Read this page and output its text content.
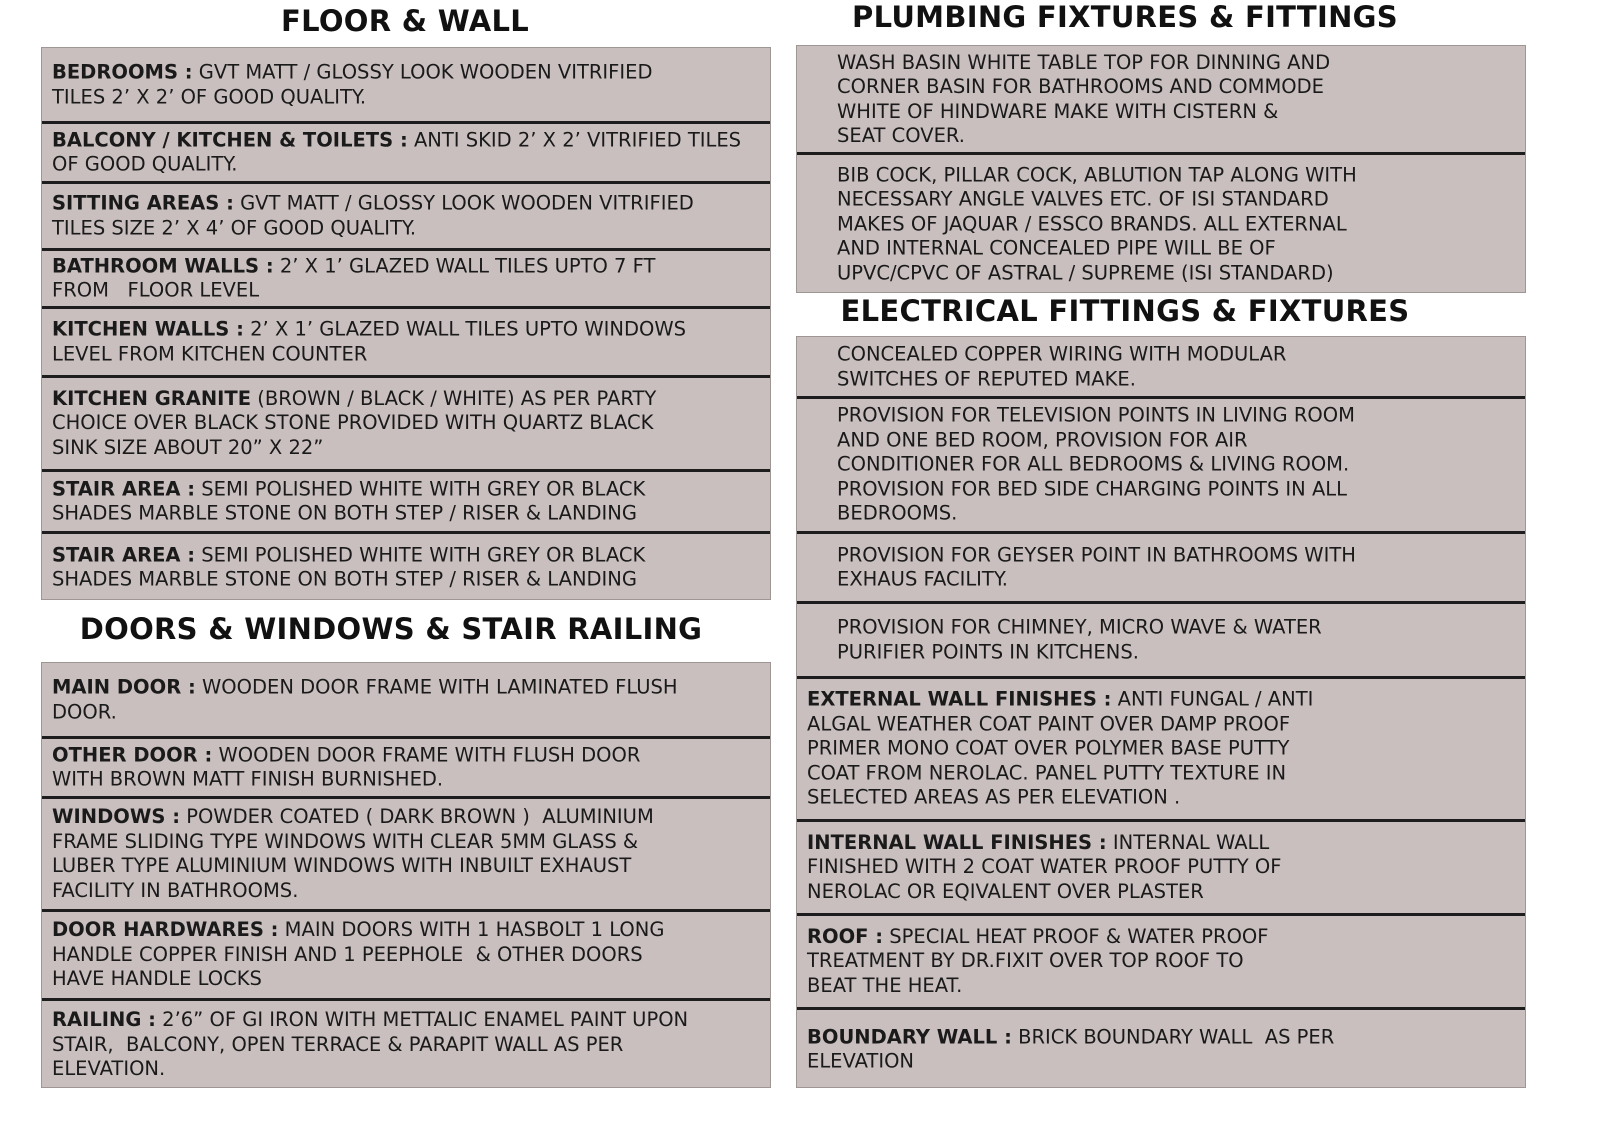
FLOOR & WALL
BEDROOMS : GVT MATT / GLOSSY LOOK WOODEN VITRIFIED
TILES 2’ X 2’ OF GOOD QUALITY.
BALCONY / KITCHEN & TOILETS : ANTI SKID 2’ X 2’ VITRIFIED TILES
OF GOOD QUALITY.
SITTING AREAS : GVT MATT / GLOSSY LOOK WOODEN VITRIFIED
TILES SIZE 2’ X 4’ OF GOOD QUALITY.
BATHROOM WALLS : 2’ X 1’ GLAZED WALL TILES UPTO 7 FT
FROM   FLOOR LEVEL
KITCHEN WALLS : 2’ X 1’ GLAZED WALL TILES UPTO WINDOWS
LEVEL FROM KITCHEN COUNTER
KITCHEN GRANITE (BROWN / BLACK / WHITE) AS PER PARTY
CHOICE OVER BLACK STONE PROVIDED WITH QUARTZ BLACK
SINK SIZE ABOUT 20” X 22”
STAIR AREA : SEMI POLISHED WHITE WITH GREY OR BLACK
SHADES MARBLE STONE ON BOTH STEP / RISER & LANDING
STAIR AREA : SEMI POLISHED WHITE WITH GREY OR BLACK
SHADES MARBLE STONE ON BOTH STEP / RISER & LANDING
DOORS & WINDOWS & STAIR RAILING
MAIN DOOR : WOODEN DOOR FRAME WITH LAMINATED FLUSH
DOOR.
OTHER DOOR : WOODEN DOOR FRAME WITH FLUSH DOOR
WITH BROWN MATT FINISH BURNISHED.
WINDOWS : POWDER COATED ( DARK BROWN )  ALUMINIUM
FRAME SLIDING TYPE WINDOWS WITH CLEAR 5MM GLASS &
LUBER TYPE ALUMINIUM WINDOWS WITH INBUILT EXHAUST
FACILITY IN BATHROOMS.
DOOR HARDWARES : MAIN DOORS WITH 1 HASBOLT 1 LONG
HANDLE COPPER FINISH AND 1 PEEPHOLE  & OTHER DOORS
HAVE HANDLE LOCKS
RAILING : 2’6” OF GI IRON WITH METTALIC ENAMEL PAINT UPON
STAIR,  BALCONY, OPEN TERRACE & PARAPIT WALL AS PER
ELEVATION.
PLUMBING FIXTURES & FITTINGS
WASH BASIN WHITE TABLE TOP FOR DINNING AND
CORNER BASIN FOR BATHROOMS AND COMMODE
WHITE OF HINDWARE MAKE WITH CISTERN &
SEAT COVER.
BIB COCK, PILLAR COCK, ABLUTION TAP ALONG WITH
NECESSARY ANGLE VALVES ETC. OF ISI STANDARD
MAKES OF JAQUAR / ESSCO BRANDS. ALL EXTERNAL
AND INTERNAL CONCEALED PIPE WILL BE OF
UPVC/CPVC OF ASTRAL / SUPREME (ISI STANDARD)
ELECTRICAL FITTINGS & FIXTURES
CONCEALED COPPER WIRING WITH MODULAR
SWITCHES OF REPUTED MAKE.
PROVISION FOR TELEVISION POINTS IN LIVING ROOM
AND ONE BED ROOM, PROVISION FOR AIR
CONDITIONER FOR ALL BEDROOMS & LIVING ROOM.
PROVISION FOR BED SIDE CHARGING POINTS IN ALL
BEDROOMS.
PROVISION FOR GEYSER POINT IN BATHROOMS WITH
EXHAUS FACILITY.
PROVISION FOR CHIMNEY, MICRO WAVE & WATER
PURIFIER POINTS IN KITCHENS.
EXTERNAL WALL FINISHES : ANTI FUNGAL / ANTI
ALGAL WEATHER COAT PAINT OVER DAMP PROOF
PRIMER MONO COAT OVER POLYMER BASE PUTTY
COAT FROM NEROLAC. PANEL PUTTY TEXTURE IN
SELECTED AREAS AS PER ELEVATION .
INTERNAL WALL FINISHES : INTERNAL WALL
FINISHED WITH 2 COAT WATER PROOF PUTTY OF
NEROLAC OR EQIVALENT OVER PLASTER
ROOF : SPECIAL HEAT PROOF & WATER PROOF
TREATMENT BY DR.FIXIT OVER TOP ROOF TO
BEAT THE HEAT.
BOUNDARY WALL : BRICK BOUNDARY WALL  AS PER
ELEVATION
